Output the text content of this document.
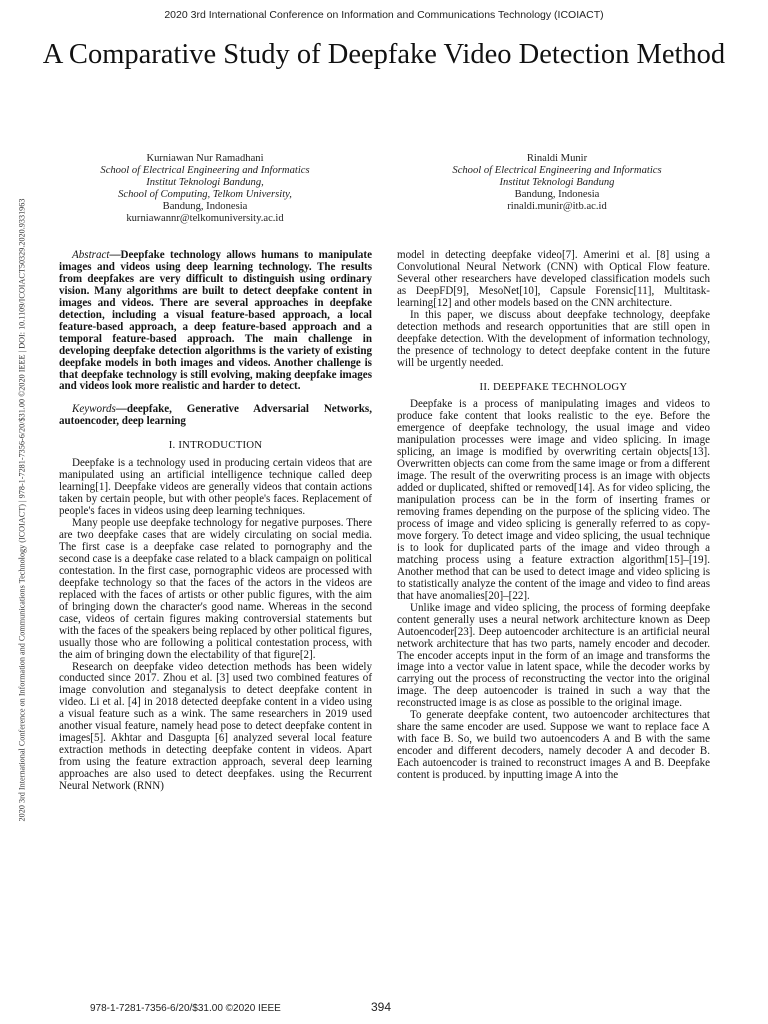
2020 3rd International Conference on Information and Communications Technology (ICOIACT)
A Comparative Study of Deepfake Video Detection Method
2020 3rd International Conference on Information and Communications Technology (ICOIACT) | 978-1-7281-7356-6/20/$31.00 ©2020 IEEE | DOI: 10.1109/ICOIACT50329.2020.9331963
Kurniawan Nur Ramadhani
School of Electrical Engineering and Informatics
Institut Teknologi Bandung,
School of Computing, Telkom University,
Bandung, Indonesia
kurniawannr@telkomuniversity.ac.id
Rinaldi Munir
School of Electrical Engineering and Informatics
Institut Teknologi Bandung
Bandung, Indonesia
rinaldi.munir@itb.ac.id

Abstract—Deepfake technology allows humans to manipulate images and videos using deep learning technology. The results from deepfakes are very difficult to distinguish using ordinary vision. Many algorithms are built to detect deepfake content in images and videos. There are several approaches in deepfake detection, including a visual feature-based approach, a local feature-based approach, a deep feature-based approach and a temporal feature-based approach. The main challenge in developing deepfake detection algorithms is the variety of existing deepfake models in both images and videos. Another challenge is that deepfake technology is still evolving, making deepfake images and videos look more realistic and harder to detect.

Keywords—deepfake, Generative Adversarial Networks, autoencoder, deep learning

I. INTRODUCTION

Deepfake is a technology used in producing certain videos that are manipulated using an artificial intelligence technique called deep learning[1]. Deepfake videos are generally videos that contain actions taken by certain people, but with other people's faces. Replacement of people's faces in videos using deep learning techniques.

Many people use deepfake technology for negative purposes. There are two deepfake cases that are widely circulating on social media. The first case is a deepfake case related to pornography and the second case is a deepfake case related to a black campaign on political contestation. In the first case, pornographic videos are processed with deepfake technology so that the faces of the actors in the videos are replaced with the faces of artists or other public figures, with the aim of bringing down the character's good name. Whereas in the second case, videos of certain figures making controversial statements but with the faces of the speakers being replaced by other political figures, usually those who are following a political contestation process, with the aim of bringing down the electability of that figure[2].

Research on deepfake video detection methods has been widely conducted since 2017. Zhou et al. [3] used two combined features of image convolution and steganalysis to detect deepfake content in video. Li et al. [4] in 2018 detected deepfake content in a video using a visual feature such as a wink. The same researchers in 2019 used another visual feature, namely head pose to detect deepfake content in images[5]. Akhtar and Dasgupta [6] analyzed several local feature extraction methods in detecting deepfake content in videos. Apart from using the feature extraction approach, several deep learning approaches are also used to detect deepfakes. using the Recurrent Neural Network (RNN)

model in detecting deepfake video[7]. Amerini et al. [8] using a Convolutional Neural Network (CNN) with Optical Flow feature. Several other researchers have developed classification models such as DeepFD[9], MesoNet[10], Capsule Forensic[11], Multitask-learning[12] and other models based on the CNN architecture.

In this paper, we discuss about deepfake technology, deepfake detection methods and research opportunities that are still open in deepfake detection. With the development of information technology, the presence of technology to detect deepfake content in the future will be urgently needed.

II. DEEPFAKE TECHNOLOGY

Deepfake is a process of manipulating images and videos to produce fake content that looks realistic to the eye. Before the emergence of deepfake technology, the usual image and video manipulation processes were image and video splicing. In image splicing, an image is modified by overwriting certain objects[13]. Overwritten objects can come from the same image or from a different image. The result of the overwriting process is an image with objects added or duplicated, shifted or removed[14]. As for video splicing, the manipulation process can be in the form of inserting frames or removing frames depending on the purpose of the splicing video. The process of image and video splicing is generally referred to as copy-move forgery. To detect image and video splicing, the usual technique is to look for duplicated parts of the image and video through a matching process using a feature extraction algorithm[15]–[19]. Another method that can be used to detect image and video splicing is to statistically analyze the content of the image and video to find areas that have anomalies[20]–[22].

Unlike image and video splicing, the process of forming deepfake content generally uses a neural network architecture known as Deep Autoencoder[23]. Deep autoencoder architecture is an artificial neural network architecture that has two parts, namely encoder and decoder. The encoder accepts input in the form of an image and transforms the image into a vector value in latent space, while the decoder works by carrying out the process of reconstructing the vector into the original image. The deep autoencoder is trained in such a way that the reconstructed image is as close as possible to the original image.

To generate deepfake content, two autoencoder architectures that share the same encoder are used. Suppose we want to replace face A with face B. So, we build two autoencoders A and B with the same encoder and different decoders, namely decoder A and decoder B. Each autoencoder is trained to reconstruct images A and B. Deepfake content is produced. by inputting image A into the

978-1-7281-7356-6/20/$31.00 ©2020 IEEE	394
